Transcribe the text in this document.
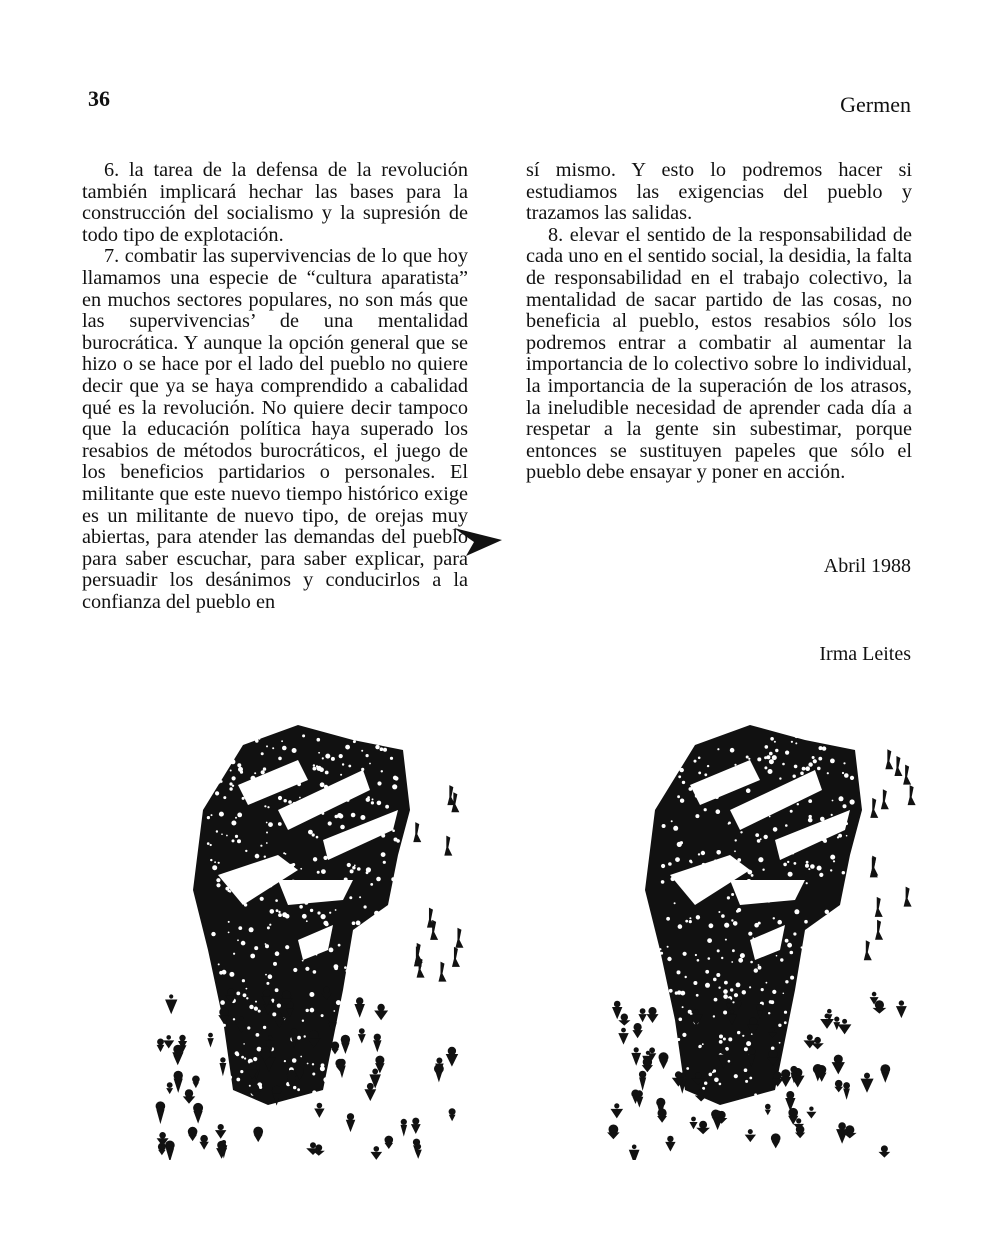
36	Germen

6. la tarea de la defensa de la revolución también implicará hechar las bases para la construcción del socialismo y la supresión de todo tipo de explotación.

7. combatir las supervivencias de lo que hoy llamamos una especie de “cultura aparatista” en muchos sectores populares, no son más que las supervivencias’ de una mentalidad burocrática. Y aunque la opción general que se hizo o se hace por el lado del pueblo no quiere decir que ya se haya comprendido a cabalidad qué es la revolución. No quiere decir tampoco que la educación política haya superado los resabios de métodos burocráticos, el juego de los beneficios partidarios o personales. El militante que este nuevo tiempo histórico exige es un militante de nuevo tipo, de orejas muy abiertas, para atender las demandas del pueblo para saber escuchar, para saber explicar, para persuadir los desánimos y conducirlos a la confianza del pueblo en

sí mismo. Y esto lo podremos hacer si estudiamos las exigencias del pueblo y trazamos las salidas.

8. elevar el sentido de la responsabilidad de cada uno en el sentido social, la desidia, la falta de responsabilidad en el trabajo colectivo, la mentalidad de sacar partido de las cosas, no beneficia al pueblo, estos resabios sólo los podremos entrar a combatir al aumentar la importancia de lo colectivo sobre lo individual, la importancia de la superación de los atrasos, la ineludible necesidad de aprender cada día a respetar a la gente sin subestimar, porque entonces se sustituyen papeles que sólo el pueblo debe ensayar y poner en acción.

Abril 1988
Irma Leites
